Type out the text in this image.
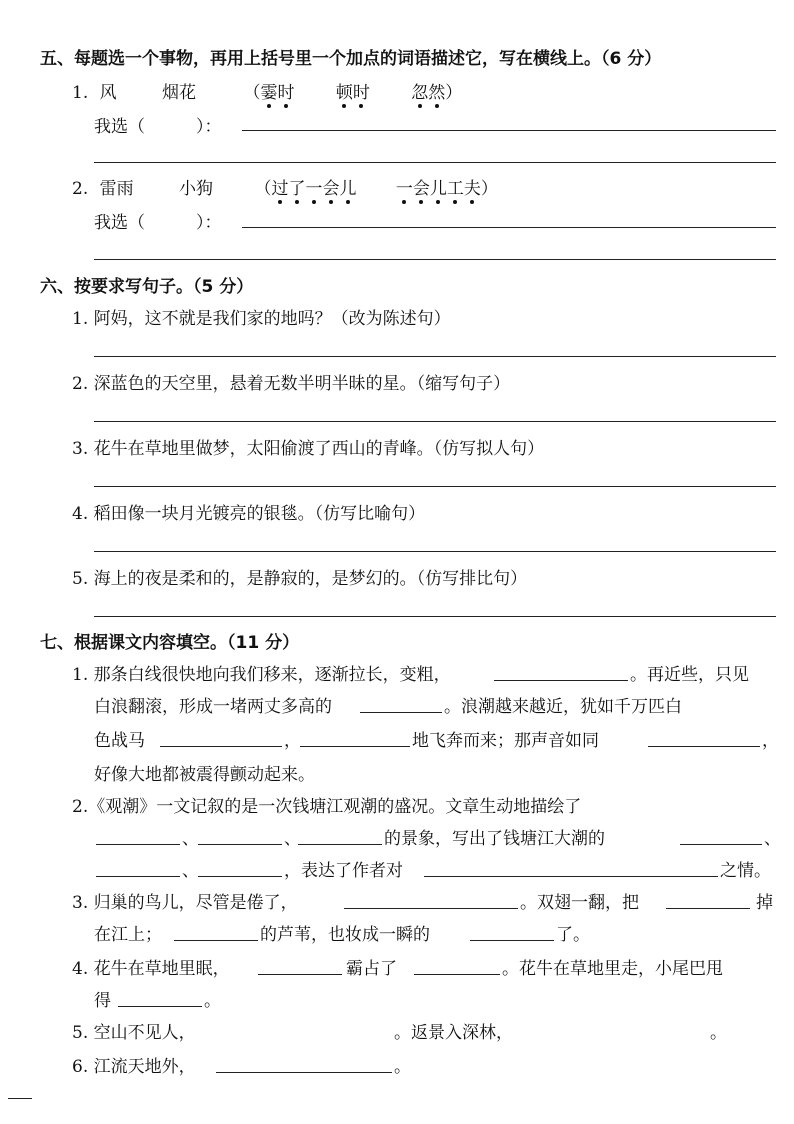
五、每题选一个事物，再用上括号里一个加点的词语描述它，写在横线上。（6 分）
1. 风	烟花	（霎时 顿时 忽然）
我选（　　　）：
2. 雷雨	小狗 （过了一会儿 一会儿工夫）
我选（　　　）：
六、按要求写句子。（5 分）
1. 阿妈，这不就是我们家的地吗？（改为陈述句）
2. 深蓝色的天空里，悬着无数半明半昧的星。（缩写句子）
3. 花牛在草地里做梦，太阳偷渡了西山的青峰。（仿写拟人句）
4. 稻田像一块月光镀亮的银毯。（仿写比喻句）
5. 海上的夜是柔和的，是静寂的，是梦幻的。（仿写排比句）
七、根据课文内容填空。（11 分）
1. 那条白线很快地向我们移来，逐渐拉长，变粗，	。再近些，只见
白浪翻滚，形成一堵两丈多高的	。浪潮越来越近，犹如千万匹白
色战马	，	地飞奔而来；那声音如同	，
好像大地都被震得颤动起来。
2.《观潮》一文记叙的是一次钱塘江观潮的盛况。文章生动地描绘了
、	、	的景象，写出了钱塘江大潮的	、
、	，表达了作者对	之情。
3. 归巢的鸟儿，尽管是倦了，	。双翅一翻，把	掉
在江上；	的芦苇，也妆成一瞬的	了。
4. 花牛在草地里眠，	霸占了	。花牛在草地里走，小尾巴甩
得	。
5. 空山不见人，	。返景入深林，	。
6. 江流天地外，	。
